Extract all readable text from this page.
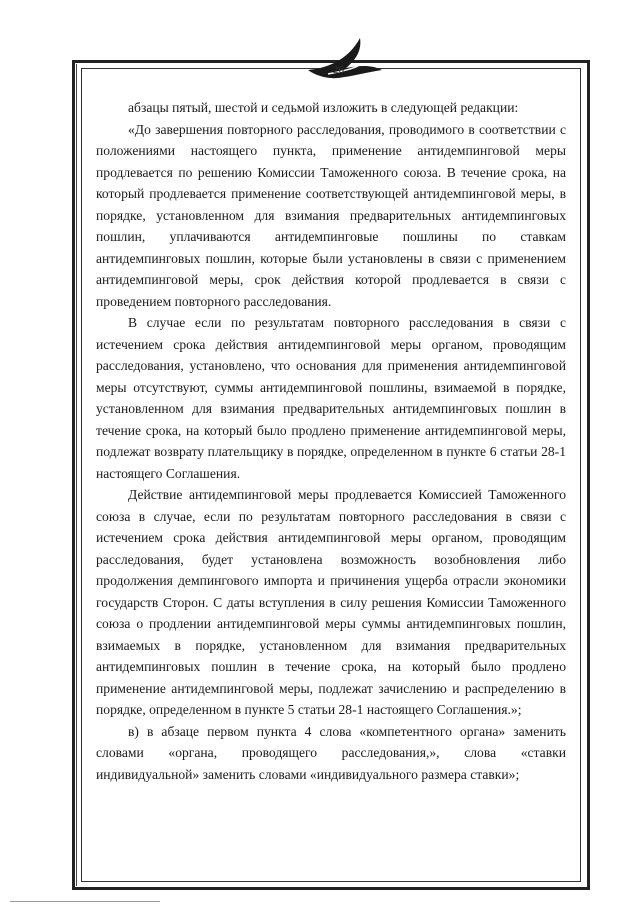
26

абзацы пятый, шестой и седьмой изложить в следующей редакции:

«До завершения повторного расследования, проводимого в соответствии с положениями настоящего пункта, применение антидемпинговой меры продлевается по решению Комиссии Таможенного союза. В течение срока, на который продлевается применение соответствующей антидемпинговой меры, в порядке, установленном для взимания предварительных антидемпинговых пошлин, уплачиваются антидемпинговые пошлины по ставкам антидемпинговых пошлин, которые были установлены в связи с применением антидемпинговой меры, срок действия которой продлевается в связи с проведением повторного расследования.

В случае если по результатам повторного расследования в связи с истечением срока действия антидемпинговой меры органом, проводящим расследования, установлено, что основания для применения антидемпинговой меры отсутствуют, суммы антидемпинговой пошлины, взимаемой в порядке, установленном для взимания предварительных антидемпинговых пошлин в течение срока, на который было продлено применение антидемпинговой меры, подлежат возврату плательщику в порядке, определенном в пункте 6 статьи 28-1 настоящего Соглашения.

Действие антидемпинговой меры продлевается Комиссией Таможенного союза в случае, если по результатам повторного расследования в связи с истечением срока действия антидемпинговой меры органом, проводящим расследования, будет установлена возможность возобновления либо продолжения демпингового импорта и причинения ущерба отрасли экономики государств Сторон. С даты вступления в силу решения Комиссии Таможенного союза о продлении антидемпинговой меры суммы антидемпинговых пошлин, взимаемых в порядке, установленном для взимания предварительных антидемпинговых пошлин в течение срока, на который было продлено применение антидемпинговой меры, подлежат зачислению и распределению в порядке, определенном в пункте 5 статьи 28-1 настоящего Соглашения.»;

в) в абзаце первом пункта 4 слова «компетентного органа» заменить словами «органа, проводящего расследования,», слова «ставки индивидуальной» заменить словами «индивидуального размера ставки»;
